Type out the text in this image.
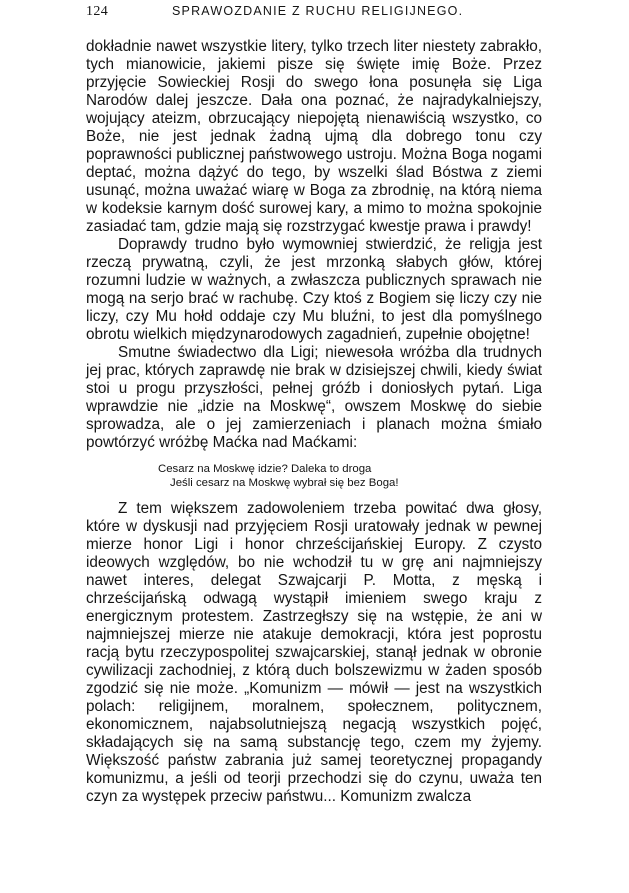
124	SPRAWOZDANIE Z RUCHU RELIGIJNEGO.

dokładnie nawet wszystkie litery, tylko trzech liter niestety zabrakło, tych mianowicie, jakiemi pisze się święte imię Boże. Przez przyjęcie Sowieckiej Rosji do swego łona posunęła się Liga Narodów dalej jeszcze. Dała ona poznać, że najradykalniejszy, wojujący ateizm, obrzucający niepojętą nienawiścią wszystko, co Boże, nie jest jednak żadną ujmą dla dobrego tonu czy poprawności publicznej państwowego ustroju. Można Boga nogami deptać, można dążyć do tego, by wszelki ślad Bóstwa z ziemi usunąć, można uważać wiarę w Boga za zbrodnię, na którą niema w kodeksie karnym dość surowej kary, a mimo to można spokojnie zasiadać tam, gdzie mają się rozstrzygać kwestje prawa i prawdy!

Doprawdy trudno było wymowniej stwierdzić, że religja jest rzeczą prywatną, czyli, że jest mrzonką słabych głów, której rozumni ludzie w ważnych, a zwłaszcza publicznych sprawach nie mogą na serjo brać w rachubę. Czy ktoś z Bogiem się liczy czy nie liczy, czy Mu hołd oddaje czy Mu bluźni, to jest dla pomyślnego obrotu wielkich międzynarodowych zagadnień, zupełnie obojętne!

Smutne świadectwo dla Ligi; niewesoła wróżba dla trudnych jej prac, których zaprawdę nie brak w dzisiejszej chwili, kiedy świat stoi u progu przyszłości, pełnej gróźb i doniosłych pytań. Liga wprawdzie nie „idzie na Moskwę“, owszem Moskwę do siebie sprowadza, ale o jej zamierzeniach i planach można śmiało powtórzyć wróżbę Maćka nad Maćkami:

Cesarz na Moskwę idzie? Daleka to droga
Jeśli cesarz na Moskwę wybrał się bez Boga!

Z tem większem zadowoleniem trzeba powitać dwa głosy, które w dyskusji nad przyjęciem Rosji uratowały jednak w pewnej mierze honor Ligi i honor chrześcijańskiej Europy. Z czysto ideowych względów, bo nie wchodził tu w grę ani najmniejszy nawet interes, delegat Szwajcarji P. Motta, z męską i chrześcijańską odwagą wystąpił imieniem swego kraju z energicznym protestem. Zastrzegłszy się na wstępie, że ani w najmniejszej mierze nie atakuje demokracji, która jest poprostu racją bytu rzeczypospolitej szwajcarskiej, stanął jednak w obronie cywilizacji zachodniej, z którą duch bolszewizmu w żaden sposób zgodzić się nie może. „Komunizm — mówił — jest na wszystkich polach: religijnem, moralnem, społecznem, politycznem, ekonomicznem, najabsolutniejszą negacją wszystkich pojęć, składających się na samą substancję tego, czem my żyjemy. Większość państw zabrania już samej teoretycznej propagandy komunizmu, a jeśli od teorji przechodzi się do czynu, uważa ten czyn za występek przeciw państwu... Komunizm zwalcza
